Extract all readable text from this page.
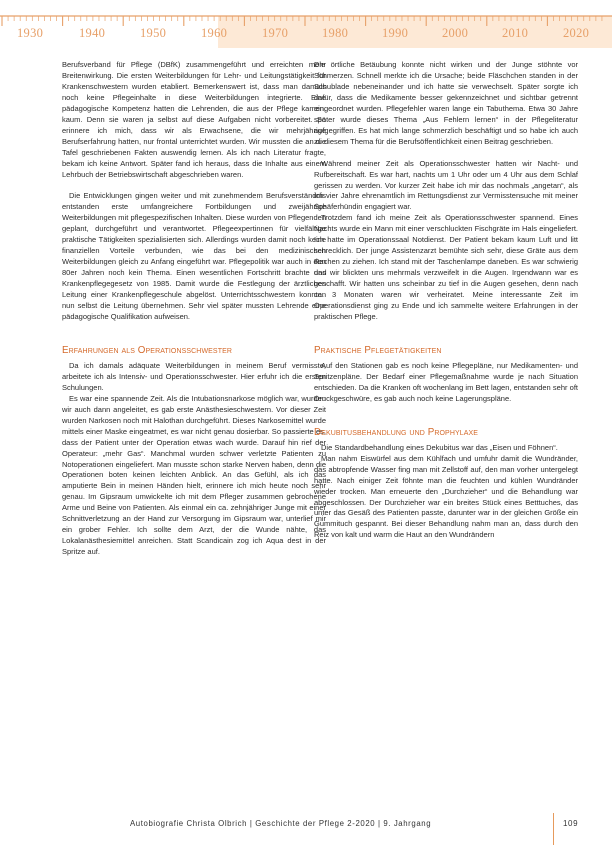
1930	1940	1950	1960	1970	1980	1990	2000	2010	2020

Berufsverband für Pflege (DBfK) zusammengeführt und erreichten mehr Breitenwirkung. Die ersten Weiterbildungen für Lehr- und Leitungstätigkeit für Krankenschwestern wurden etabliert. Bemerkenswert ist, dass man damals noch keine Pflegeinhalte in diese Weiterbildungen integrierte. Eine pädagogische Kompetenz hatten die Lehrenden, die aus der Pflege kamen, kaum. Denn sie waren ja selbst auf diese Aufgaben nicht vorbereitet. So erinnere ich mich, dass wir als Erwachsene, die wir mehrjährige Berufserfahrung hatten, nur frontal unterrichtet wurden. Wir mussten die an die Tafel geschriebenen Fakten auswendig lernen. Als ich nach Literatur fragte, bekam ich keine Antwort. Später fand ich heraus, dass die Inhalte aus einem Lehrbuch der Betriebswirtschaft abgeschrieben waren.

Die Entwicklungen gingen weiter und mit zunehmendem Berufsverständnis entstanden erste umfangreichere Fortbildungen und zweijährige Weiterbildungen mit pflegespezifischen Inhalten. Diese wurden von Pflegenden geplant, durchgeführt und verantwortet. Pflegeexpertinnen für vielfältige praktische Tätigkeiten spezialisierten sich. Allerdings wurden damit noch keine finanziellen Vorteile verbunden, wie das bei den medizinischen Weiterbildungen gleich zu Anfang eingeführt war. Pflegepolitik war auch in den 80er Jahren noch kein Thema. Einen wesentlichen Fortschritt brachte das Krankenpflegegesetz von 1985. Damit wurde die Festlegung der ärztlichen Leitung einer Krankenpflegeschule abgelöst. Unterrichtsschwestern konnten nun selbst die Leitung übernehmen. Sehr viel später mussten Lehrende eine pädagogische Qualifikation aufweisen.

Erfahrungen als Operationsschwester

Da ich damals adäquate Weiterbildungen in meinem Beruf vermisste, arbeitete ich als Intensiv- und Operationsschwester. Hier erfuhr ich die ersten Schulungen.

Es war eine spannende Zeit. Als die Intubationsnarkose möglich war, wurden wir auch dann angeleitet, es gab erste Anästhesieschwestern. Vor dieser Zeit wurden Narkosen noch mit Halothan durchgeführt. Dieses Narkosemittel wurde mittels einer Maske eingeatmet, es war nicht genau dosierbar. So passierte es, dass der Patient unter der Operation etwas wach wurde. Darauf hin rief der Operateur: „mehr Gas“. Manchmal wurden schwer verletzte Patienten zu Notoperationen eingeliefert. Man musste schon starke Nerven haben, denn die Operationen boten keinen leichten Anblick. An das Gefühl, als ich das amputierte Bein in meinen Händen hielt, erinnere ich mich heute noch sehr genau. Im Gipsraum umwickelte ich mit dem Pfleger zusammen gebrochene Arme und Beine von Patienten. Als einmal ein ca. zehnjähriger Junge mit einer Schnittverletzung an der Hand zur Versorgung im Gipsraum war, unterlief mir ein grober Fehler. Ich sollte dem Arzt, der die Wunde nähte, das Lokalanästhesiemittel anreichen. Statt Scandicain zog ich Aqua dest in der Spritze auf.

Die örtliche Betäubung konnte nicht wirken und der Junge stöhnte vor Schmerzen. Schnell merkte ich die Ursache; beide Fläschchen standen in der Schublade nebeneinander und ich hatte sie verwechselt. Später sorgte ich dafür, dass die Medikamente besser gekennzeichnet und sichtbar getrennt eingeordnet wurden. Pflegefehler waren lange ein Tabuthema. Etwa 30 Jahre später wurde dieses Thema „Aus Fehlern lernen“ in der Pflegeliteratur aufgegriffen. Es hat mich lange schmerzlich beschäftigt und so habe ich auch zu diesem Thema für die Berufsöffentlichkeit einen Beitrag geschrieben.

Während meiner Zeit als Operationsschwester hatten wir Nacht- und Rufbereitschaft. Es war hart, nachts um 1 Uhr oder um 4 Uhr aus dem Schlaf gerissen zu werden. Vor kurzer Zeit habe ich mir das nochmals „angetan“, als ich vier Jahre ehrenamtlich im Rettungsdienst zur Vermisstensuche mit meiner Schäferhündin engagiert war.

Trotzdem fand ich meine Zeit als Operationsschwester spannend. Eines Nachts wurde ein Mann mit einer verschluckten Fischgräte im Hals eingeliefert. Ich hatte im Operationssaal Notdienst. Der Patient bekam kaum Luft und litt schrecklich. Der junge Assistenzarzt bemühte sich sehr, diese Gräte aus dem Rachen zu ziehen. Ich stand mit der Taschenlampe daneben. Es war schwierig und wir blickten uns mehrmals verzweifelt in die Augen. Irgendwann war es geschafft. Wir hatten uns scheinbar zu tief in die Augen gesehen, denn nach ca. 3 Monaten waren wir verheiratet. Meine interessante Zeit im Operationsdienst ging zu Ende und ich sammelte weitere Erfahrungen in der praktischen Pflege.

Praktische Pflegetätigkeiten

Auf den Stationen gab es noch keine Pflegepläne, nur Medikamenten- und Spritzenpläne. Der Bedarf einer Pflegemaßnahme wurde je nach Situation entschieden. Da die Kranken oft wochenlang im Bett lagen, entstanden sehr oft Druckgeschwüre, es gab auch noch keine Lagerungspläne.

Dekubitusbehandlung und Prophylaxe

Die Standardbehandlung eines Dekubitus war das „Eisen und Föhnen“.

Man nahm Eiswürfel aus dem Kühlfach und umfuhr damit die Wundränder, das abtropfende Wasser fing man mit Zellstoff auf, den man vorher untergelegt hatte. Nach einiger Zeit föhnte man die feuchten und kühlen Wundränder wieder trocken. Man erneuerte den „Durchzieher“ und die Behandlung war abgeschlossen. Der Durchzieher war ein breites Stück eines Betttuches, das unter das Gesäß des Patienten passte, darunter war in der gleichen Größe ein Gummituch gespannt. Bei dieser Behandlung nahm man an, dass durch den Reiz von kalt und warm die Haut an den Wundrändern

Autobiografie Christa Olbrich | Geschichte der Pflege 2-2020 | 9. Jahrgang	109
